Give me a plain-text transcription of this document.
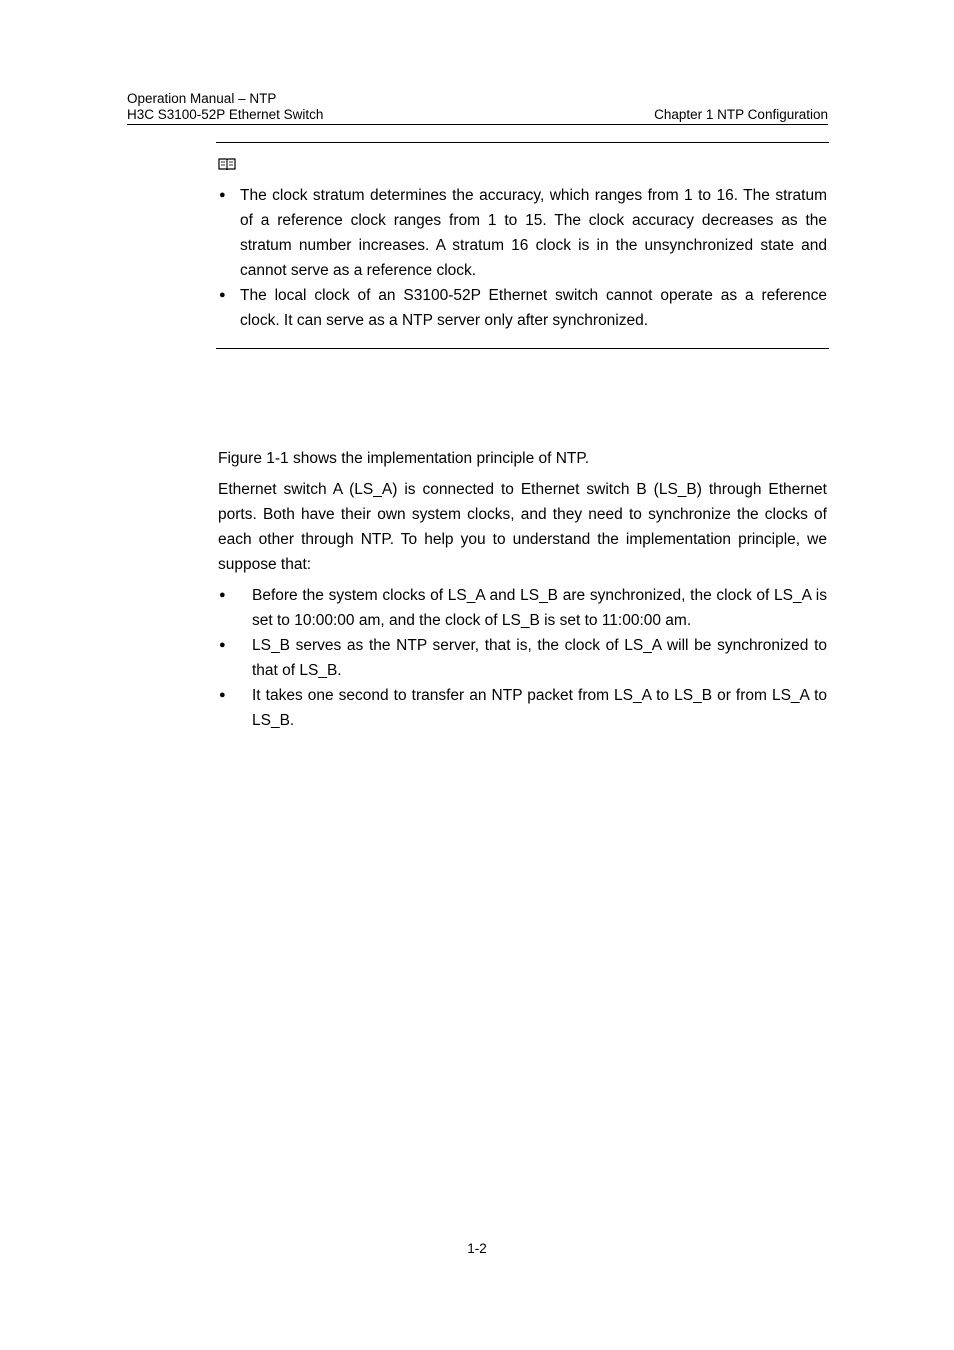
Operation Manual – NTP
H3C S3100-52P Ethernet Switch	Chapter 1 NTP Configuration
● The clock stratum determines the accuracy, which ranges from 1 to 16. The stratum of a reference clock ranges from 1 to 15. The clock accuracy decreases as the stratum number increases. A stratum 16 clock is in the unsynchronized state and cannot serve as a reference clock.
● The local clock of an S3100-52P Ethernet switch cannot operate as a reference clock. It can serve as a NTP server only after synchronized.

Figure 1-1 shows the implementation principle of NTP.

Ethernet switch A (LS_A) is connected to Ethernet switch B (LS_B) through Ethernet ports. Both have their own system clocks, and they need to synchronize the clocks of each other through NTP. To help you to understand the implementation principle, we suppose that:

● Before the system clocks of LS_A and LS_B are synchronized, the clock of LS_A is set to 10:00:00 am, and the clock of LS_B is set to 11:00:00 am.
● LS_B serves as the NTP server, that is, the clock of LS_A will be synchronized to that of LS_B.
● It takes one second to transfer an NTP packet from LS_A to LS_B or from LS_A to LS_B.
1-2
